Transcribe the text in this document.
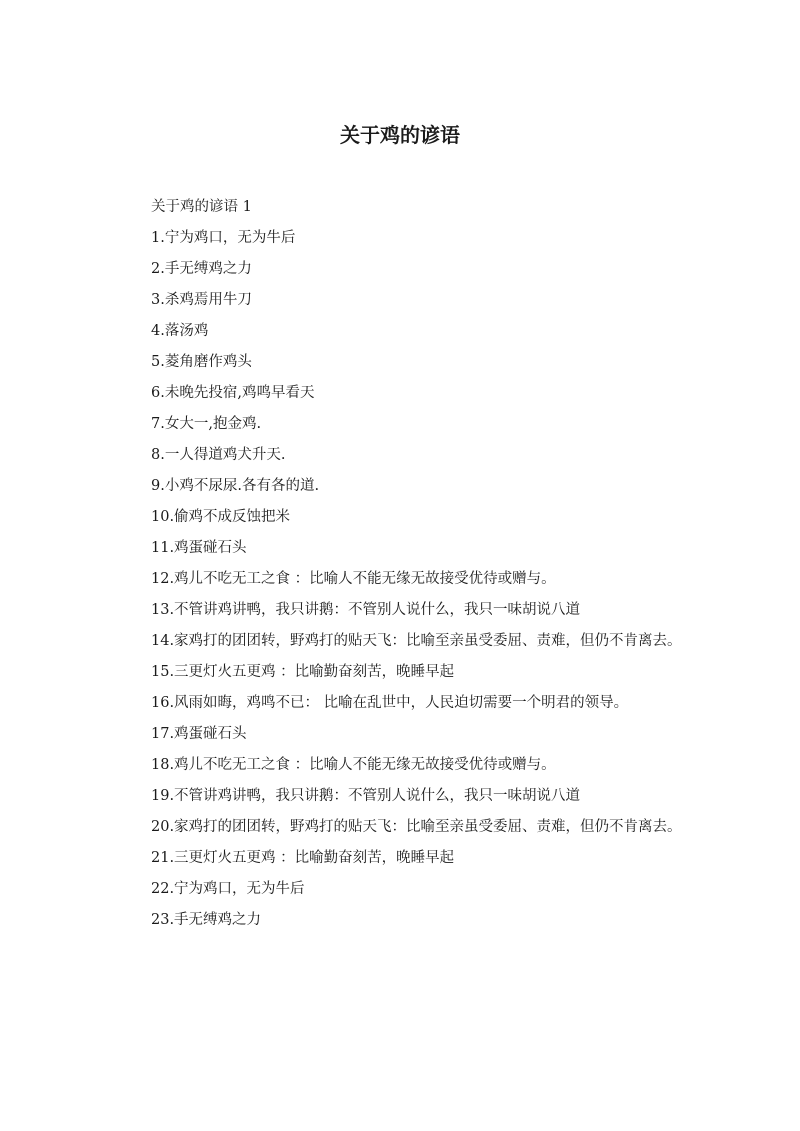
关于鸡的谚语

关于鸡的谚语 1

1.宁为鸡口，无为牛后

2.手无缚鸡之力

3.杀鸡焉用牛刀

4.落汤鸡

5.菱角磨作鸡头

6.未晚先投宿,鸡鸣早看天

7.女大一,抱金鸡.

8.一人得道鸡犬升天.

9.小鸡不尿尿.各有各的道.

10.偷鸡不成反蚀把米

11.鸡蛋碰石头

12.鸡儿不吃无工之食 ：比喻人不能无缘无故接受优待或赠与。

13.不管讲鸡讲鸭，我只讲鹅：不管别人说什么，我只一味胡说八道

14.家鸡打的团团转，野鸡打的贴天飞：比喻至亲虽受委屈、责难，但仍不肯离去。

15.三更灯火五更鸡 ：比喻勤奋刻苦，晚睡早起

16.风雨如晦，鸡鸣不已： 比喻在乱世中，人民迫切需要一个明君的领导。

17.鸡蛋碰石头

18.鸡儿不吃无工之食 ：比喻人不能无缘无故接受优待或赠与。

19.不管讲鸡讲鸭，我只讲鹅：不管别人说什么，我只一味胡说八道

20.家鸡打的团团转，野鸡打的贴天飞：比喻至亲虽受委屈、责难，但仍不肯离去。

21.三更灯火五更鸡 ：比喻勤奋刻苦，晚睡早起

22.宁为鸡口，无为牛后

23.手无缚鸡之力
